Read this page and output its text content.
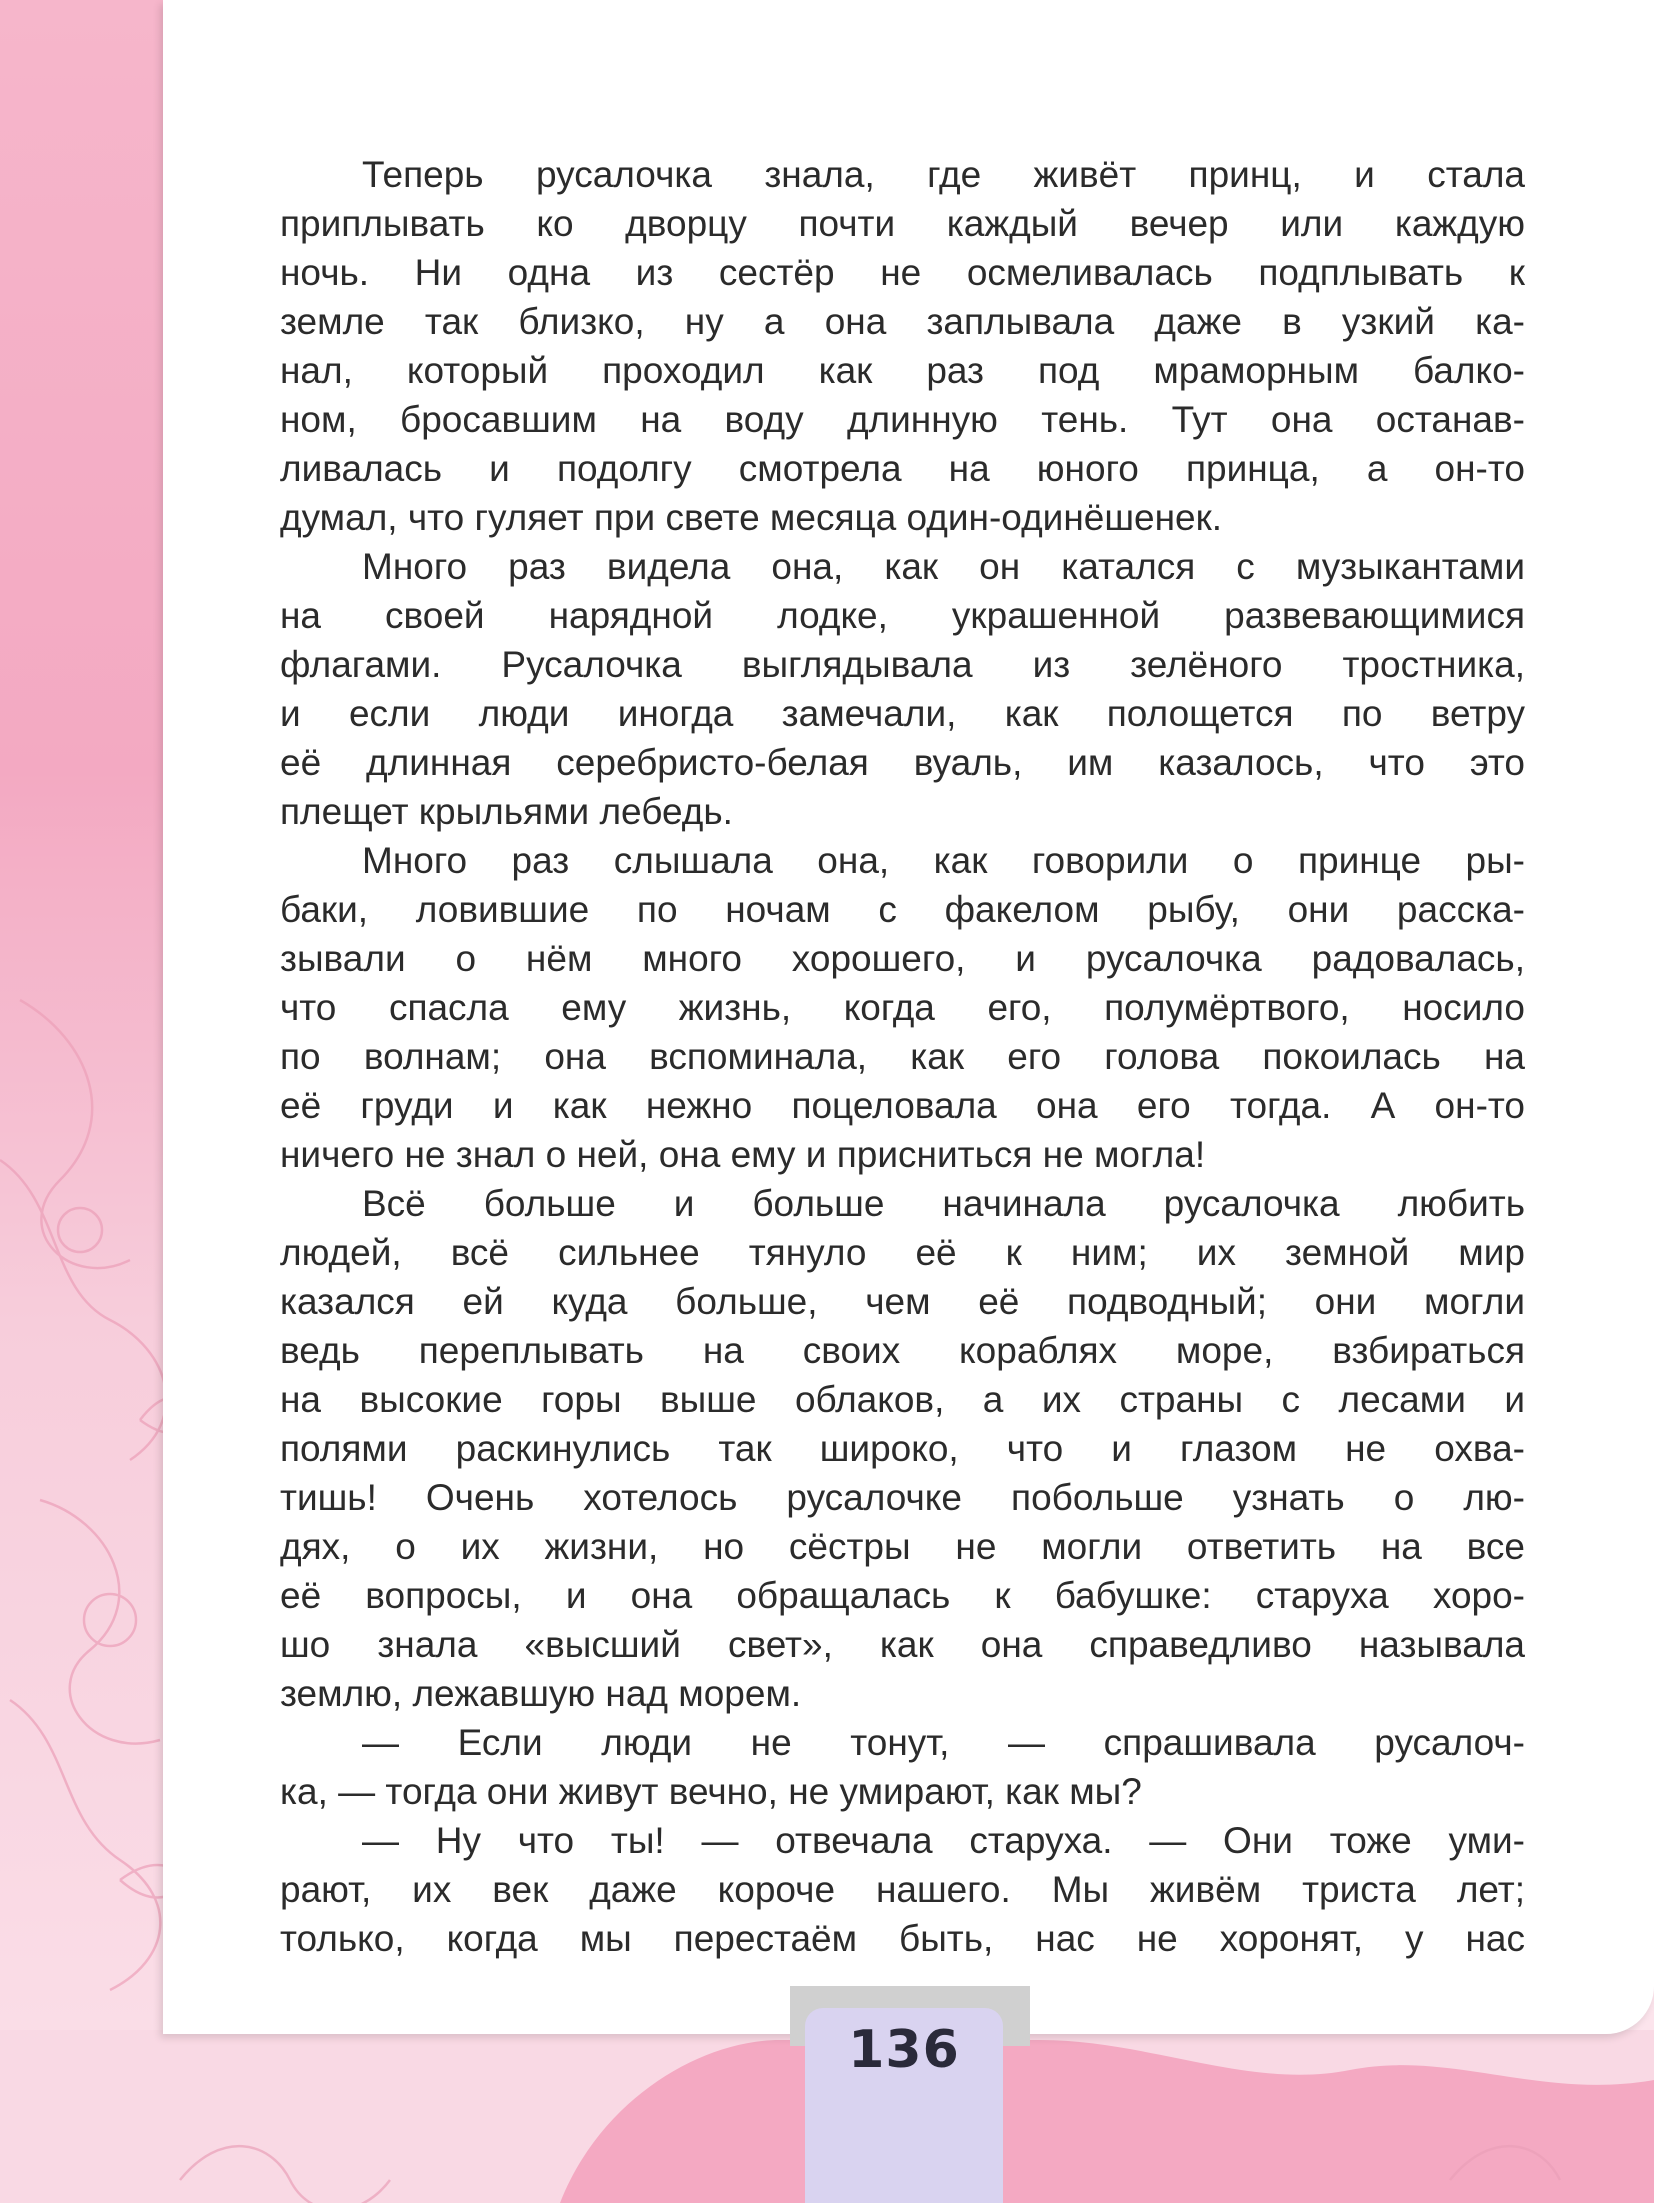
Теперь русалочка знала, где живёт принц, и стала

приплывать ко дворцу почти каждый вечер или каждую

ночь. Ни одна из сестёр не осмеливалась подплывать к

земле так близко, ну а она заплывала даже в узкий ка-

нал, который проходил как раз под мраморным балко-

ном, бросавшим на воду длинную тень. Тут она останав-

ливалась и подолгу смотрела на юного принца, а он-то

думал, что гуляет при свете месяца один-одинёшенек.

Много раз видела она, как он катался с музыкантами

на своей нарядной лодке, украшенной развевающимися

флагами. Русалочка выглядывала из зелёного тростника,

и если люди иногда замечали, как полощется по ветру

её длинная серебристо-белая вуаль, им казалось, что это

плещет крыльями лебедь.

Много раз слышала она, как говорили о принце ры-

баки, ловившие по ночам с факелом рыбу, они расска-

зывали о нём много хорошего, и русалочка радовалась,

что спасла ему жизнь, когда его, полумёртвого, носило

по волнам; она вспоминала, как его голова покоилась на

её груди и как нежно поцеловала она его тогда. А он-то

ничего не знал о ней, она ему и присниться не могла!

Всё больше и больше начинала русалочка любить

людей, всё сильнее тянуло её к ним; их земной мир

казался ей куда больше, чем её подводный; они могли

ведь переплывать на своих кораблях море, взбираться

на высокие горы выше облаков, а их страны с лесами и

полями раскинулись так широко, что и глазом не охва-

тишь! Очень хотелось русалочке побольше узнать о лю-

дях, о их жизни, но сёстры не могли ответить на все

её вопросы, и она обращалась к бабушке: старуха хоро-

шо знала «высший свет», как она справедливо называла

землю, лежавшую над морем.

— Если люди не тонут, — спрашивала русалоч-

ка, — тогда они живут вечно, не умирают, как мы?

— Ну что ты! — отвечала старуха. — Они тоже уми-

рают, их век даже короче нашего. Мы живём триста лет;

только, когда мы перестаём быть, нас не хоронят, у нас

136
